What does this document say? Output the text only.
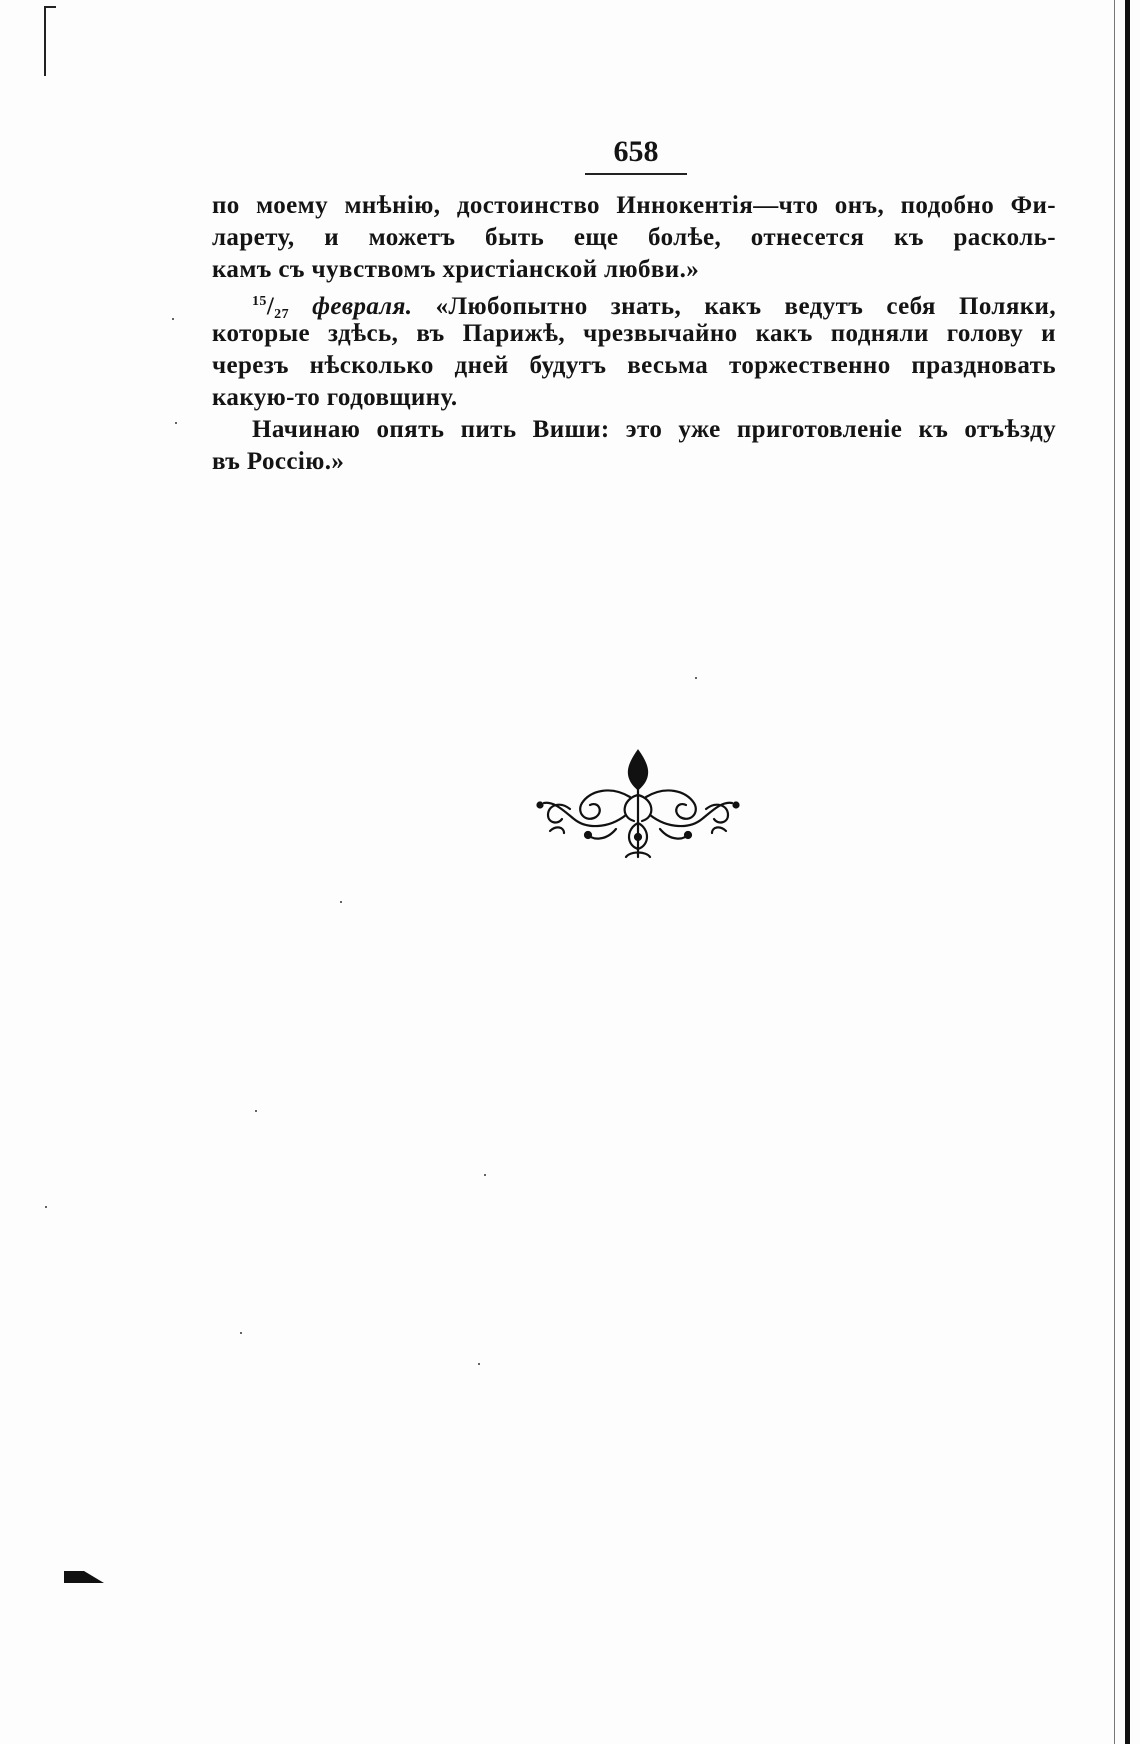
658
по моему мнѣнію, достоинство Иннокентія—что онъ, подобно Фи-
ларету, и можетъ быть еще болѣе, отнесется къ расколь-
камъ съ чувствомъ христіанской любви.»
$^{15}/_{27}$ февраля. «Любопытно знать, какъ ведутъ себя Поляки,
которые здѣсь, въ Парижѣ, чрезвычайно какъ подняли голову и
черезъ нѣсколько дней будутъ весьма торжественно праздновать
какую-то годовщину.
Начинаю опять пить Виши: это уже приготовленіе къ отъѣзду
въ Россію.»
